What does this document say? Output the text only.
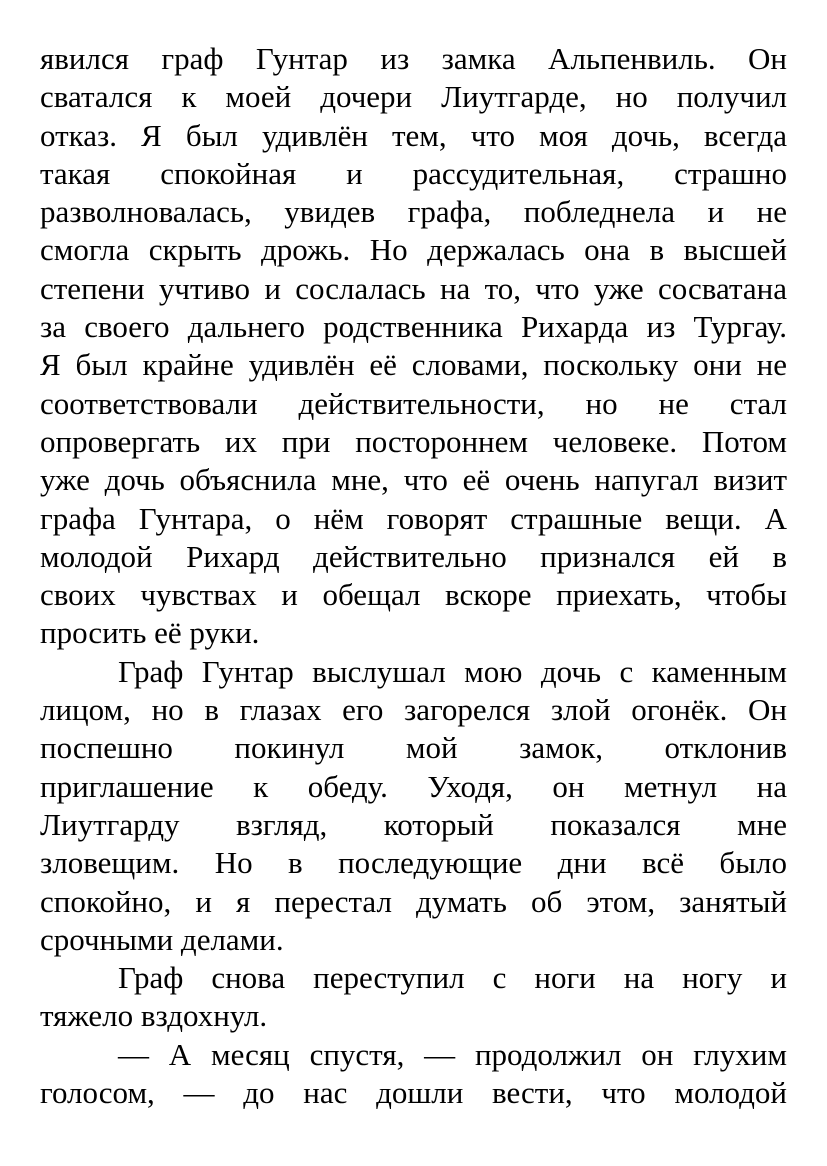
явился граф Гунтар из замка Альпенвиль. Он
сватался к моей дочери Лиутгарде, но получил
отказ. Я был удивлён тем, что моя дочь, всегда
такая спокойная и рассудительная, страшно
разволновалась, увидев графа, побледнела и не
смогла скрыть дрожь. Но держалась она в высшей
степени учтиво и сослалась на то, что уже сосватана
за своего дальнего родственника Рихарда из Тургау.
Я был крайне удивлён её словами, поскольку они не
соответствовали действительности, но не стал
опровергать их при постороннем человеке. Потом
уже дочь объяснила мне, что её очень напугал визит
графа Гунтара, о нём говорят страшные вещи. А
молодой Рихард действительно признался ей в
своих чувствах и обещал вскоре приехать, чтобы
просить её руки.
Граф Гунтар выслушал мою дочь с каменным
лицом, но в глазах его загорелся злой огонёк. Он
поспешно покинул мой замок, отклонив
приглашение к обеду. Уходя, он метнул на
Лиутгарду взгляд, который показался мне
зловещим. Но в последующие дни всё было
спокойно, и я перестал думать об этом, занятый
срочными делами.
Граф снова переступил с ноги на ногу и
тяжело вздохнул.
— А месяц спустя, — продолжил он глухим
голосом, — до нас дошли вести, что молодой
